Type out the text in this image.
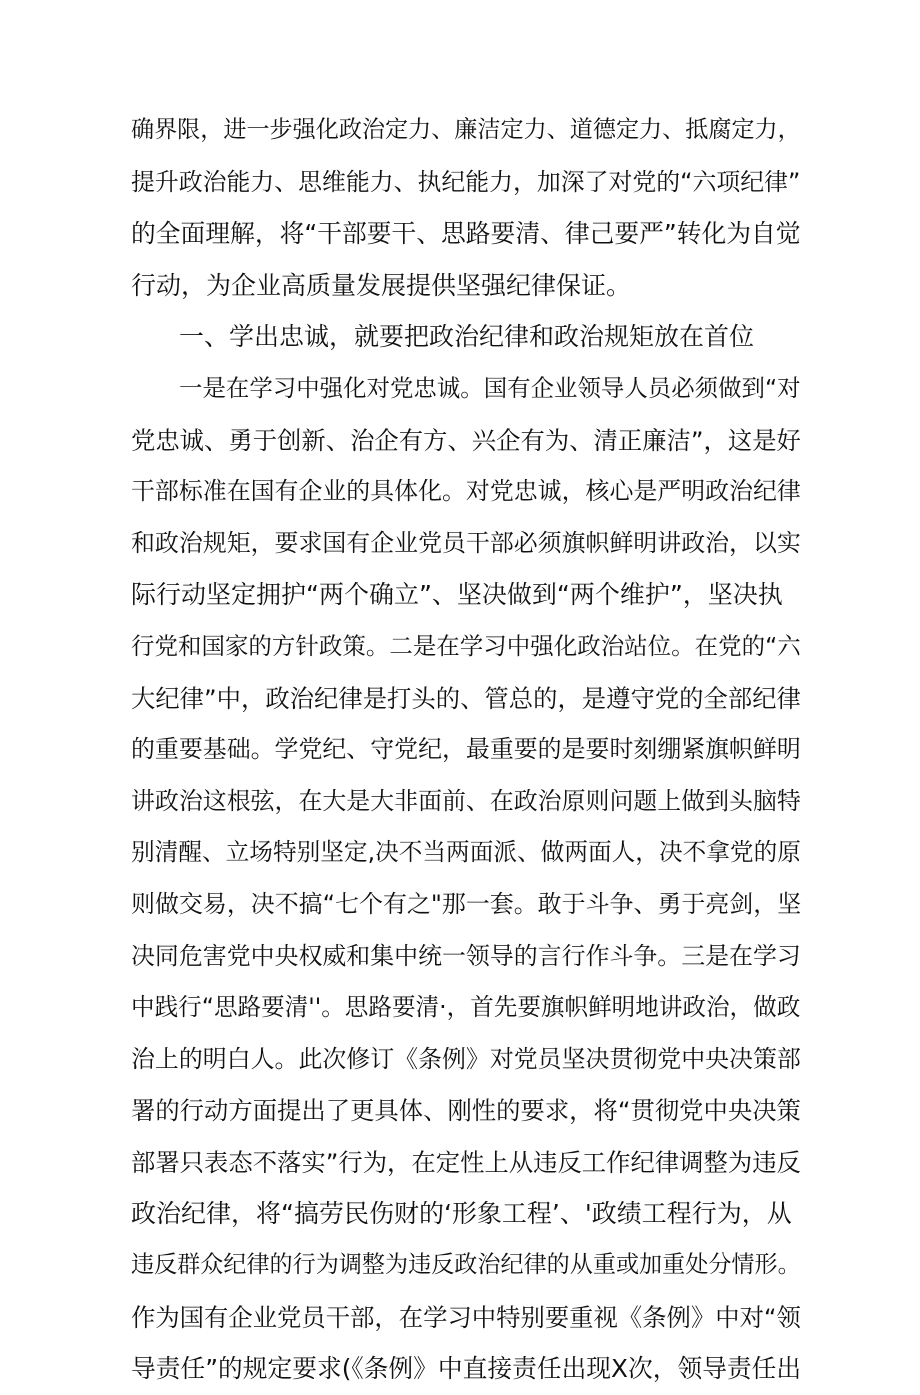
确界限，进一步强化政治定力、廉洁定力、道德定力、抵腐定力，
提升政治能力、思维能力、执纪能力，加深了对党的“六项纪律”
的全面理解，将“干部要干、思路要清、律己要严”转化为自觉
行动，为企业高质量发展提供坚强纪律保证。
一、学出忠诚，就要把政治纪律和政治规矩放在首位
一是在学习中强化对党忠诚。国有企业领导人员必须做到“对
党忠诚、勇于创新、治企有方、兴企有为、清正廉洁”，这是好
干部标准在国有企业的具体化。对党忠诚，核心是严明政治纪律
和政治规矩，要求国有企业党员干部必须旗帜鲜明讲政治，以实
际行动坚定拥护“两个确立”、坚决做到“两个维护”，坚决执
行党和国家的方针政策。二是在学习中强化政治站位。在党的“六
大纪律”中，政治纪律是打头的、管总的，是遵守党的全部纪律
的重要基础。学党纪、守党纪，最重要的是要时刻绷紧旗帜鲜明
讲政治这根弦，在大是大非面前、在政治原则问题上做到头脑特
别清醒、立场特别坚定,决不当两面派、做两面人，决不拿党的原
则做交易，决不搞“七个有之"那一套。敢于斗争、勇于亮剑，坚
决同危害党中央权威和集中统一领导的言行作斗争。三是在学习
中践行“思路要清''。思路要清·，首先要旗帜鲜明地讲政治，做政
治上的明白人。此次修订《条例》对党员坚决贯彻党中央决策部
署的行动方面提出了更具体、刚性的要求，将“贯彻党中央决策
部署只表态不落实”行为，在定性上从违反工作纪律调整为违反
政治纪律，将“搞劳民伤财的‘形象工程’、'政绩工程行为，从
违反群众纪律的行为调整为违反政治纪律的从重或加重处分情形。
作为国有企业党员干部，在学习中特别要重视《条例》中对“领
导责任”的规定要求(《条例》中直接责任出现X次，领导责任出
